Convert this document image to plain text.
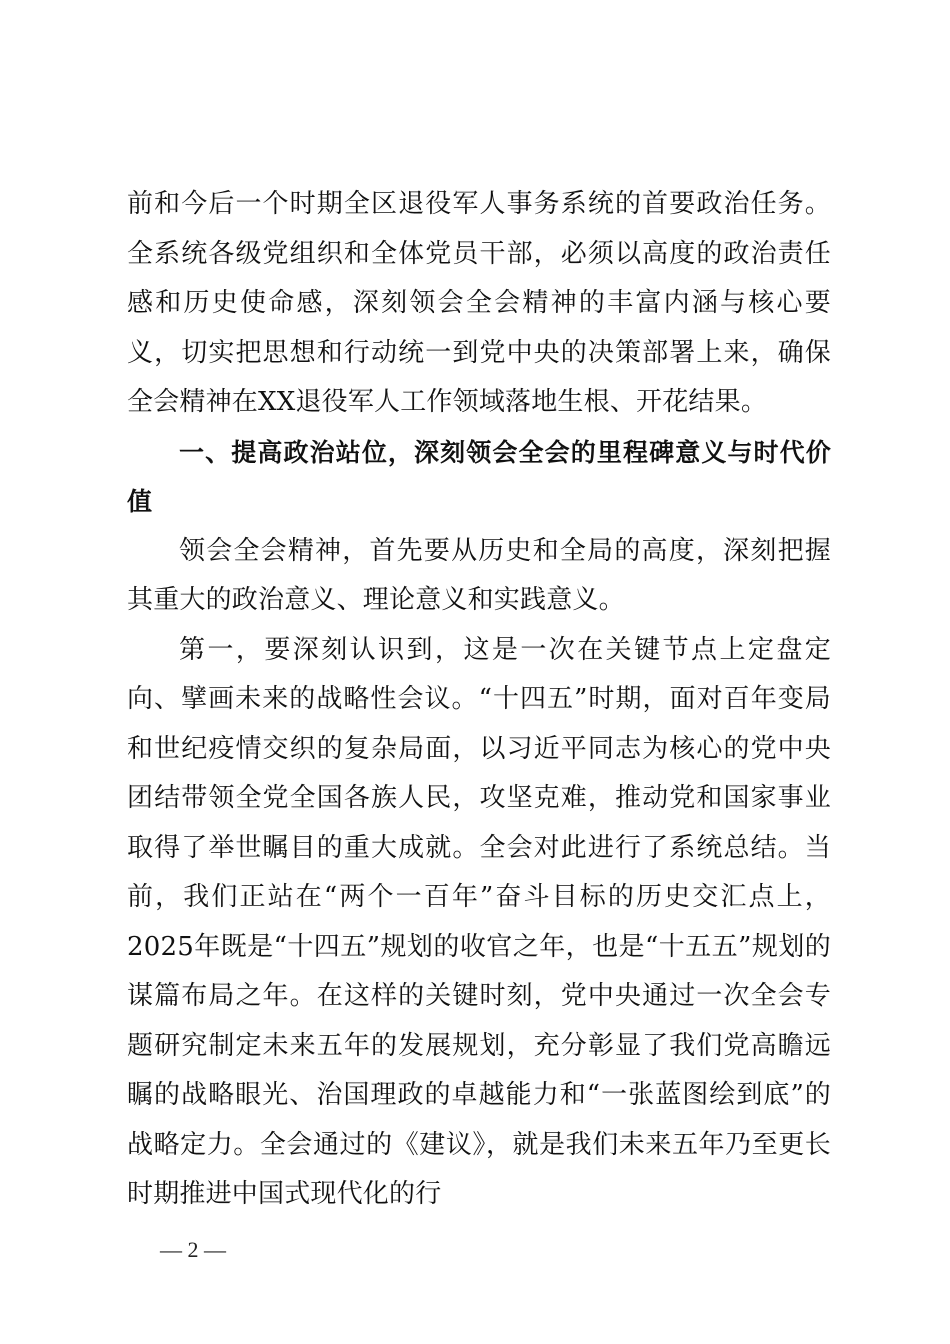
前和今后一个时期全区退役军人事务系统的首要政治任务。全系统各级党组织和全体党员干部，必须以高度的政治责任感和历史使命感，深刻领会全会精神的丰富内涵与核心要义，切实把思想和行动统一到党中央的决策部署上来，确保全会精神在XX退役军人工作领域落地生根、开花结果。

一、提高政治站位，深刻领会全会的里程碑意义与时代价值

领会全会精神，首先要从历史和全局的高度，深刻把握其重大的政治意义、理论意义和实践意义。

第一，要深刻认识到，这是一次在关键节点上定盘定向、擘画未来的战略性会议。“十四五”时期，面对百年变局和世纪疫情交织的复杂局面，以习近平同志为核心的党中央团结带领全党全国各族人民，攻坚克难，推动党和国家事业取得了举世瞩目的重大成就。全会对此进行了系统总结。当前，我们正站在“两个一百年”奋斗目标的历史交汇点上，2025年既是“十四五”规划的收官之年，也是“十五五”规划的谋篇布局之年。在这样的关键时刻，党中央通过一次全会专题研究制定未来五年的发展规划，充分彰显了我们党高瞻远瞩的战略眼光、治国理政的卓越能力和“一张蓝图绘到底”的战略定力。全会通过的《建议》，就是我们未来五年乃至更长时期推进中国式现代化的行

— 2 —
